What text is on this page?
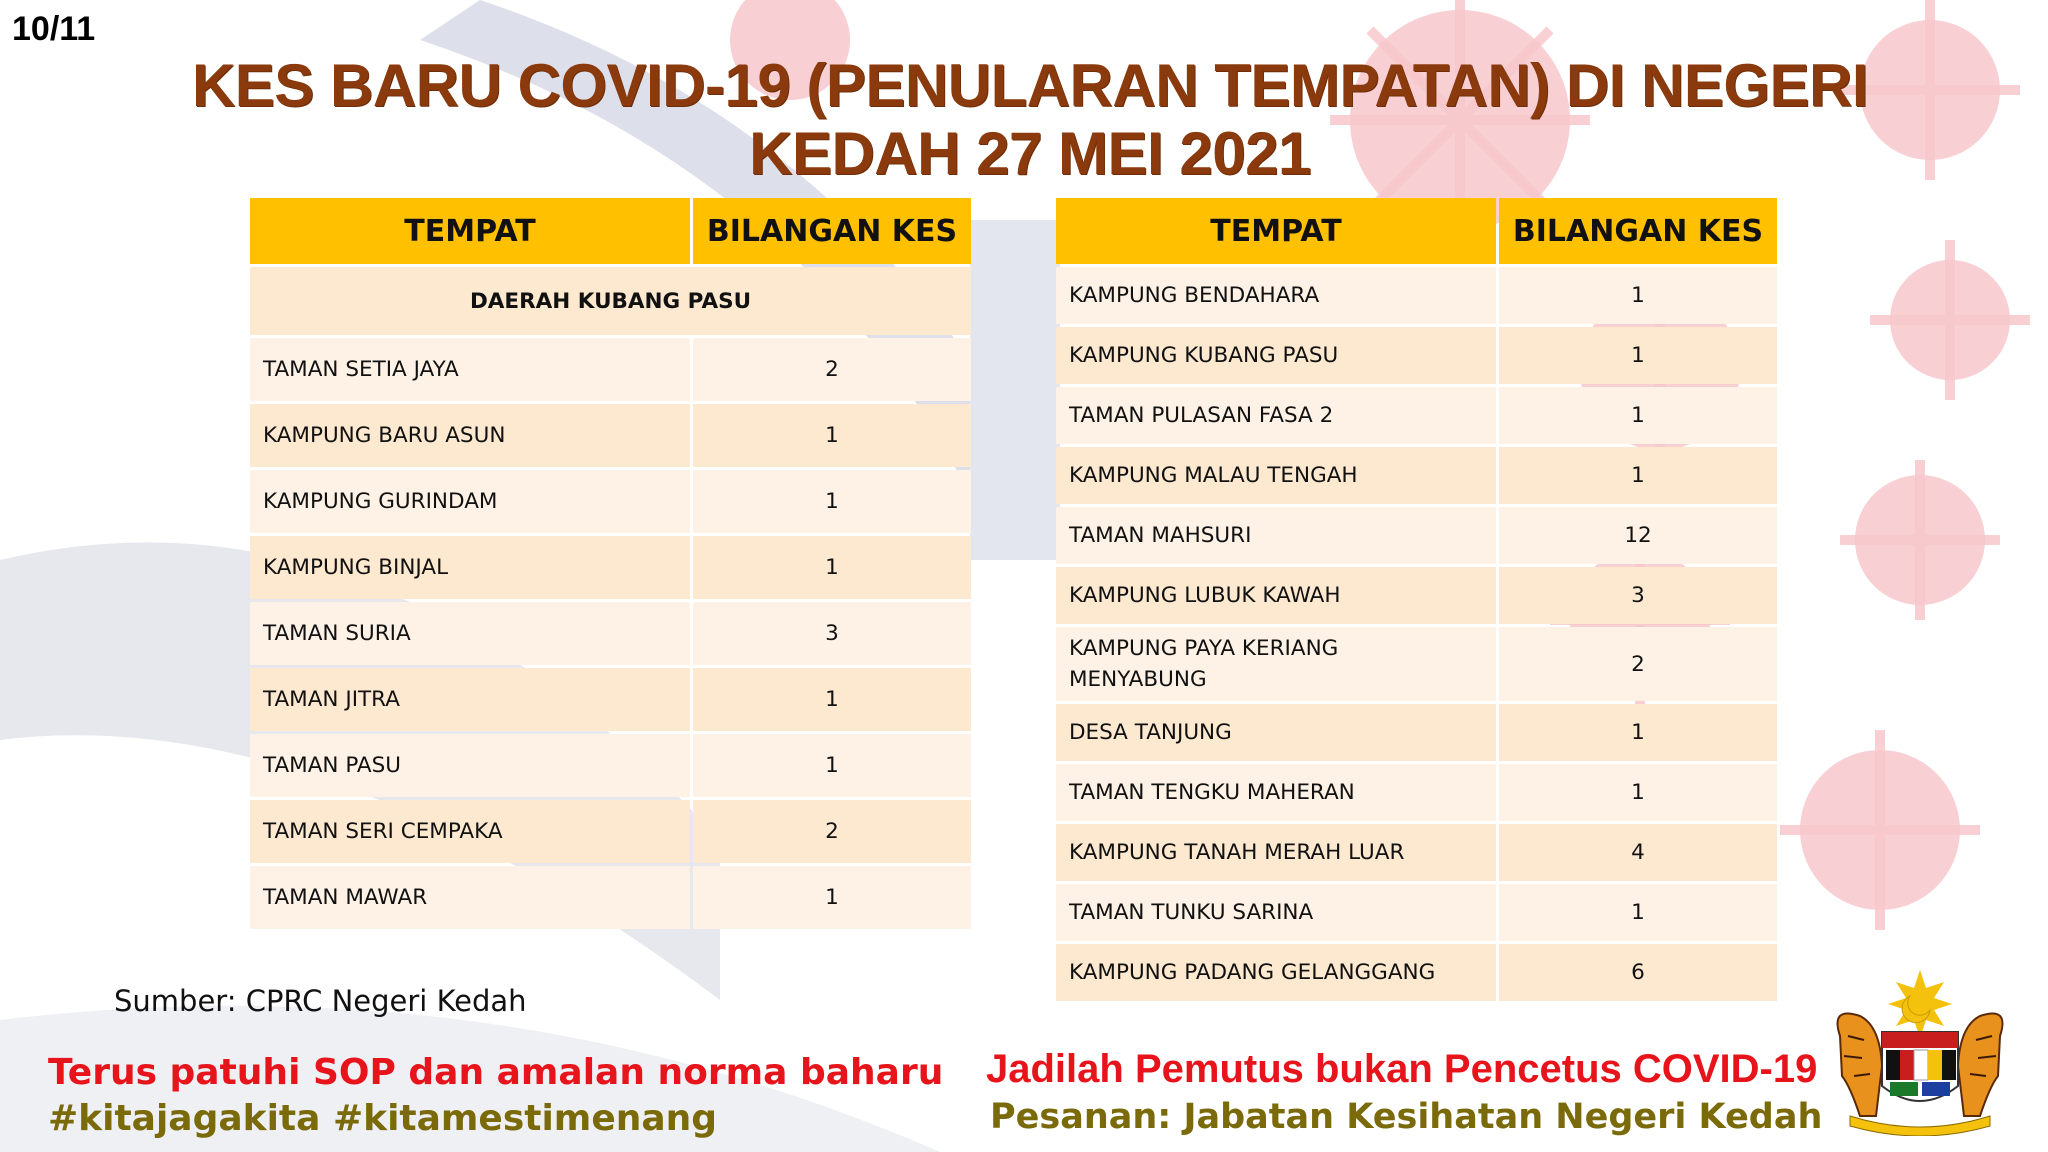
10/11
KES BARU COVID-19 (PENULARAN TEMPATAN) DI NEGERI
KEDAH 27 MEI 2021
TEMPAT	BILANGAN KES
DAERAH KUBANG PASU	
TAMAN SETIA JAYA	2
KAMPUNG BARU ASUN	1
KAMPUNG GURINDAM	1
KAMPUNG BINJAL	1
TAMAN SURIA	3
TAMAN JITRA	1
TAMAN PASU	1
TAMAN SERI CEMPAKA	2
TAMAN MAWAR	1
TEMPAT	BILANGAN KES
KAMPUNG BENDAHARA	1
KAMPUNG KUBANG PASU	1
TAMAN PULASAN FASA 2	1
KAMPUNG MALAU TENGAH	1
TAMAN MAHSURI	12
KAMPUNG LUBUK KAWAH	3
KAMPUNG PAYA KERIANG MENYABUNG	2
DESA TANJUNG	1
TAMAN TENGKU MAHERAN	1
KAMPUNG TANAH MERAH LUAR	4
TAMAN TUNKU SARINA	1
KAMPUNG PADANG GELANGGANG	6
Sumber: CPRC Negeri Kedah
Terus patuhi SOP dan amalan norma baharu
#kitajagakita #kitamestimenang
Jadilah Pemutus bukan Pencetus COVID-19
Pesanan: Jabatan Kesihatan Negeri Kedah
